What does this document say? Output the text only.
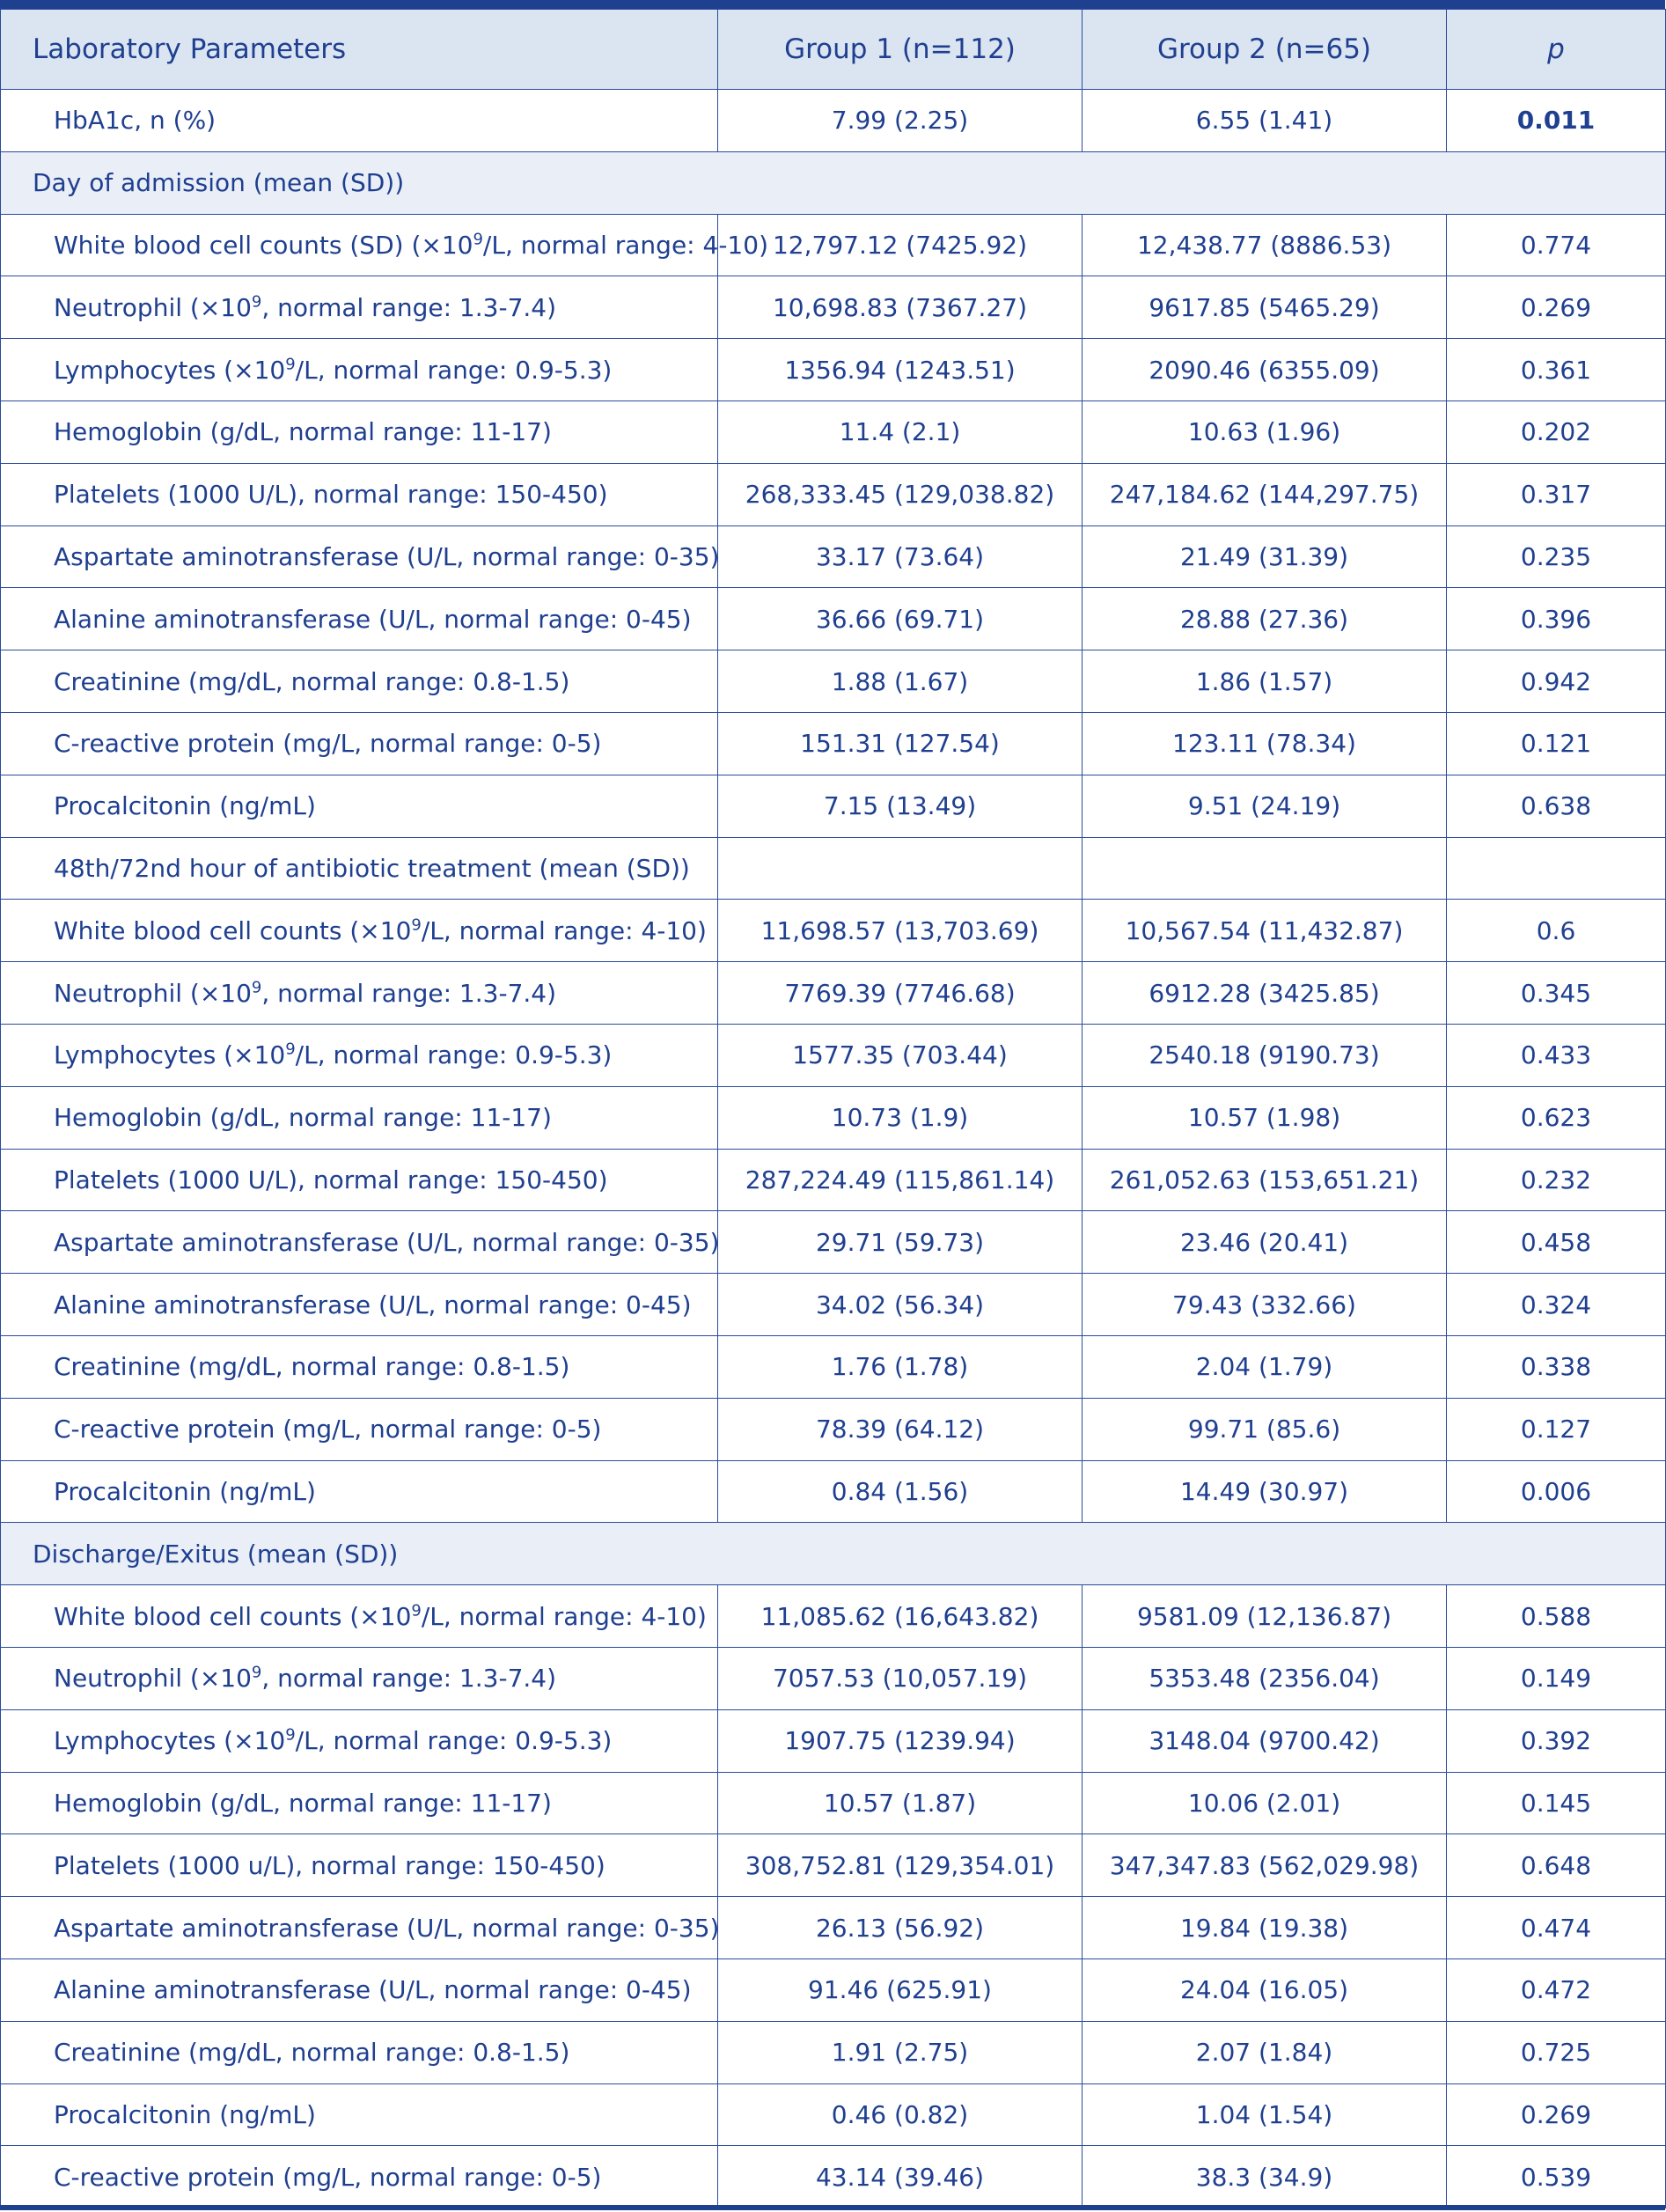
Laboratory Parameters	Group 1 (n=112)	Group 2 (n=65)	p
HbA1c, n (%)	7.99 (2.25)	6.55 (1.41)	0.011
Day of admission (mean (SD))			
White blood cell counts (SD) ($\times 10^9/L$, normal range: 4-10)	12,797.12 (7425.92)	12,438.77 (8886.53)	0.774
Neutrophil ($\times 10^9$, normal range: 1.3-7.4)	10,698.83 (7367.27)	9617.85 (5465.29)	0.269
Lymphocytes ($\times 10^9/L$, normal range: 0.9-5.3)	1356.94 (1243.51)	2090.46 (6355.09)	0.361
Hemoglobin (g/dL, normal range: 11-17)	11.4 (2.1)	10.63 (1.96)	0.202
Platelets (1000 U/L), normal range: 150-450)	268,333.45 (129,038.82)	247,184.62 (144,297.75)	0.317
Aspartate aminotransferase (U/L, normal range: 0-35)	33.17 (73.64)	21.49 (31.39)	0.235
Alanine aminotransferase (U/L, normal range: 0-45)	36.66 (69.71)	28.88 (27.36)	0.396
Creatinine (mg/dL, normal range: 0.8-1.5)	1.88 (1.67)	1.86 (1.57)	0.942
C-reactive protein (mg/L, normal range: 0-5)	151.31 (127.54)	123.11 (78.34)	0.121
Procalcitonin (ng/mL)	7.15 (13.49)	9.51 (24.19)	0.638
48th/72nd hour of antibiotic treatment (mean (SD))			
White blood cell counts ($\times 10^9/L$, normal range: 4-10)	11,698.57 (13,703.69)	10,567.54 (11,432.87)	0.6
Neutrophil ($\times 10^9$, normal range: 1.3-7.4)	7769.39 (7746.68)	6912.28 (3425.85)	0.345
Lymphocytes ($\times 10^9/L$, normal range: 0.9-5.3)	1577.35 (703.44)	2540.18 (9190.73)	0.433
Hemoglobin (g/dL, normal range: 11-17)	10.73 (1.9)	10.57 (1.98)	0.623
Platelets (1000 U/L), normal range: 150-450)	287,224.49 (115,861.14)	261,052.63 (153,651.21)	0.232
Aspartate aminotransferase (U/L, normal range: 0-35)	29.71 (59.73)	23.46 (20.41)	0.458
Alanine aminotransferase (U/L, normal range: 0-45)	34.02 (56.34)	79.43 (332.66)	0.324
Creatinine (mg/dL, normal range: 0.8-1.5)	1.76 (1.78)	2.04 (1.79)	0.338
C-reactive protein (mg/L, normal range: 0-5)	78.39 (64.12)	99.71 (85.6)	0.127
Procalcitonin (ng/mL)	0.84 (1.56)	14.49 (30.97)	0.006
Discharge/Exitus (mean (SD))			
White blood cell counts ($\times 10^9/L$, normal range: 4-10)	11,085.62 (16,643.82)	9581.09 (12,136.87)	0.588
Neutrophil ($\times 10^9$, normal range: 1.3-7.4)	7057.53 (10,057.19)	5353.48 (2356.04)	0.149
Lymphocytes ($\times 10^9/L$, normal range: 0.9-5.3)	1907.75 (1239.94)	3148.04 (9700.42)	0.392
Hemoglobin (g/dL, normal range: 11-17)	10.57 (1.87)	10.06 (2.01)	0.145
Platelets (1000 u/L), normal range: 150-450)	308,752.81 (129,354.01)	347,347.83 (562,029.98)	0.648
Aspartate aminotransferase (U/L, normal range: 0-35)	26.13 (56.92)	19.84 (19.38)	0.474
Alanine aminotransferase (U/L, normal range: 0-45)	91.46 (625.91)	24.04 (16.05)	0.472
Creatinine (mg/dL, normal range: 0.8-1.5)	1.91 (2.75)	2.07 (1.84)	0.725
Procalcitonin (ng/mL)	0.46 (0.82)	1.04 (1.54)	0.269
C-reactive protein (mg/L, normal range: 0-5)	43.14 (39.46)	38.3 (34.9)	0.539
